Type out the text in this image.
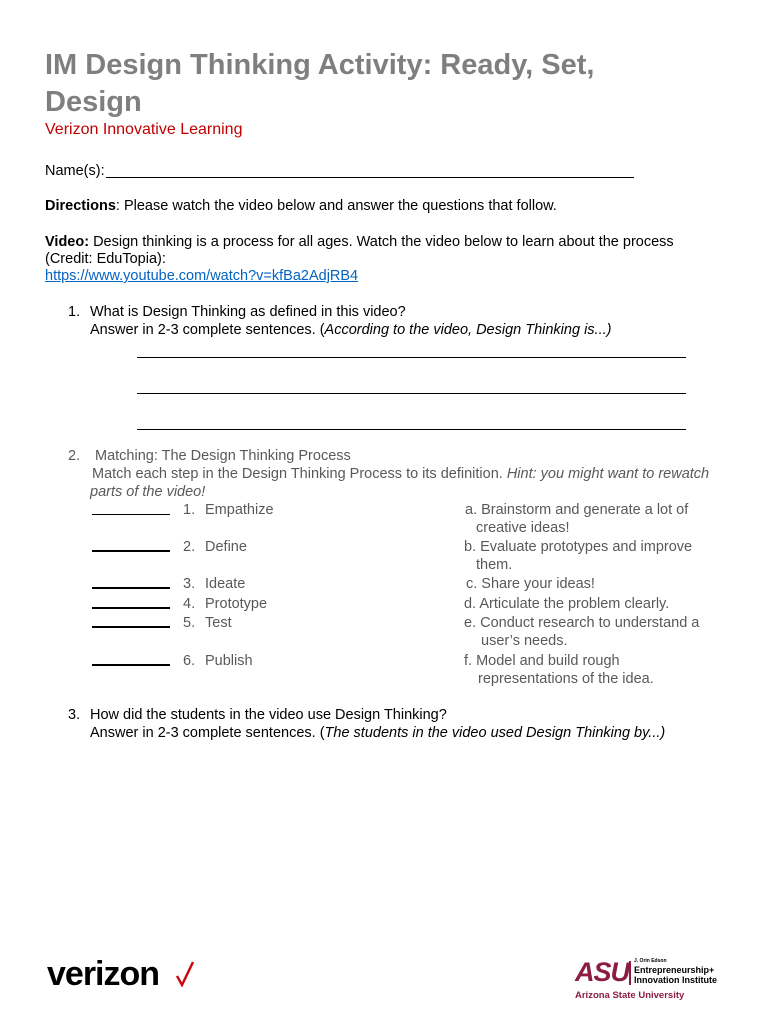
IM Design Thinking Activity: Ready, Set, Design
Verizon Innovative Learning
Name(s):
Directions: Please watch the video below and answer the questions that follow.
Video: Design thinking is a process for all ages. Watch the video below to learn about the process
(Credit: EduTopia):
https://www.youtube.com/watch?v=kfBa2AdjRB4
1. What is Design Thinking as defined in this video?
Answer in 2-3 complete sentences. (According to the video, Design Thinking is...)
2. Matching: The Design Thinking Process
Match each step in the Design Thinking Process to its definition. Hint: you might want to rewatch
parts of the video!
1. Empathize
2. Define
3. Ideate
4. Prototype
5. Test
6. Publish
a. Brainstorm and generate a lot of
creative ideas!
b. Evaluate prototypes and improve
them.
c. Share your ideas!
d. Articulate the problem clearly.
e. Conduct research to understand a
user’s needs.
f. Model and build rough
representations of the idea.
3. How did the students in the video use Design Thinking?
Answer in 2-3 complete sentences. (The students in the video used Design Thinking by...)
verizon	ASU J. Orin Edson
Entrepreneurship+
Innovation Institute
Arizona State University
